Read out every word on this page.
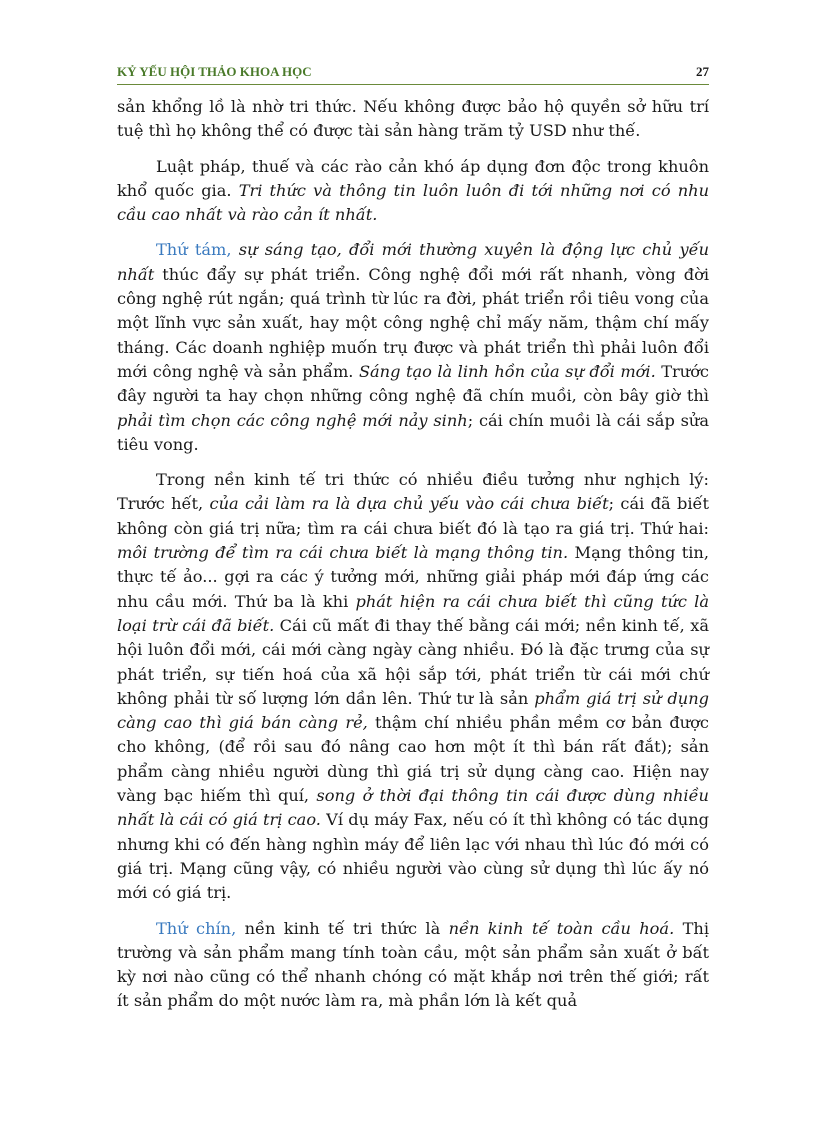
KỶ YẾU HỘI THẢO KHOA HỌC	27

sản khổng lồ là nhờ tri thức. Nếu không được bảo hộ quyền sở hữu trí tuệ thì họ không thể có được tài sản hàng trăm tỷ USD như thế.

Luật pháp, thuế và các rào cản khó áp dụng đơn độc trong khuôn khổ quốc gia. Tri thức và thông tin luôn luôn đi tới những nơi có nhu cầu cao nhất và rào cản ít nhất.

Thứ tám, sự sáng tạo, đổi mới thường xuyên là động lực chủ yếu nhất thúc đẩy sự phát triển. Công nghệ đổi mới rất nhanh, vòng đời công nghệ rút ngắn; quá trình từ lúc ra đời, phát triển rồi tiêu vong của một lĩnh vực sản xuất, hay một công nghệ chỉ mấy năm, thậm chí mấy tháng. Các doanh nghiệp muốn trụ được và phát triển thì phải luôn đổi mới công nghệ và sản phẩm. Sáng tạo là linh hồn của sự đổi mới. Trước đây người ta hay chọn những công nghệ đã chín muồi, còn bây giờ thì phải tìm chọn các công nghệ mới nảy sinh; cái chín muồi là cái sắp sửa tiêu vong.

Trong nền kinh tế tri thức có nhiều điều tưởng như nghịch lý: Trước hết, của cải làm ra là dựa chủ yếu vào cái chưa biết; cái đã biết không còn giá trị nữa; tìm ra cái chưa biết đó là tạo ra giá trị. Thứ hai: môi trường để tìm ra cái chưa biết là mạng thông tin. Mạng thông tin, thực tế ảo... gợi ra các ý tưởng mới, những giải pháp mới đáp ứng các nhu cầu mới. Thứ ba là khi phát hiện ra cái chưa biết thì cũng tức là loại trừ cái đã biết. Cái cũ mất đi thay thế bằng cái mới; nền kinh tế, xã hội luôn đổi mới, cái mới càng ngày càng nhiều. Đó là đặc trưng của sự phát triển, sự tiến hoá của xã hội sắp tới, phát triển từ cái mới chứ không phải từ số lượng lớn dần lên. Thứ tư là sản phẩm giá trị sử dụng càng cao thì giá bán càng rẻ, thậm chí nhiều phần mềm cơ bản được cho không, (để rồi sau đó nâng cao hơn một ít thì bán rất đắt); sản phẩm càng nhiều người dùng thì giá trị sử dụng càng cao. Hiện nay vàng bạc hiếm thì quí, song ở thời đại thông tin cái được dùng nhiều nhất là cái có giá trị cao. Ví dụ máy Fax, nếu có ít thì không có tác dụng nhưng khi có đến hàng nghìn máy để liên lạc với nhau thì lúc đó mới có giá trị. Mạng cũng vậy, có nhiều người vào cùng sử dụng thì lúc ấy nó mới có giá trị.

Thứ chín, nền kinh tế tri thức là nền kinh tế toàn cầu hoá. Thị trường và sản phẩm mang tính toàn cầu, một sản phẩm sản xuất ở bất kỳ nơi nào cũng có thể nhanh chóng có mặt khắp nơi trên thế giới; rất ít sản phẩm do một nước làm ra, mà phần lớn là kết quả
